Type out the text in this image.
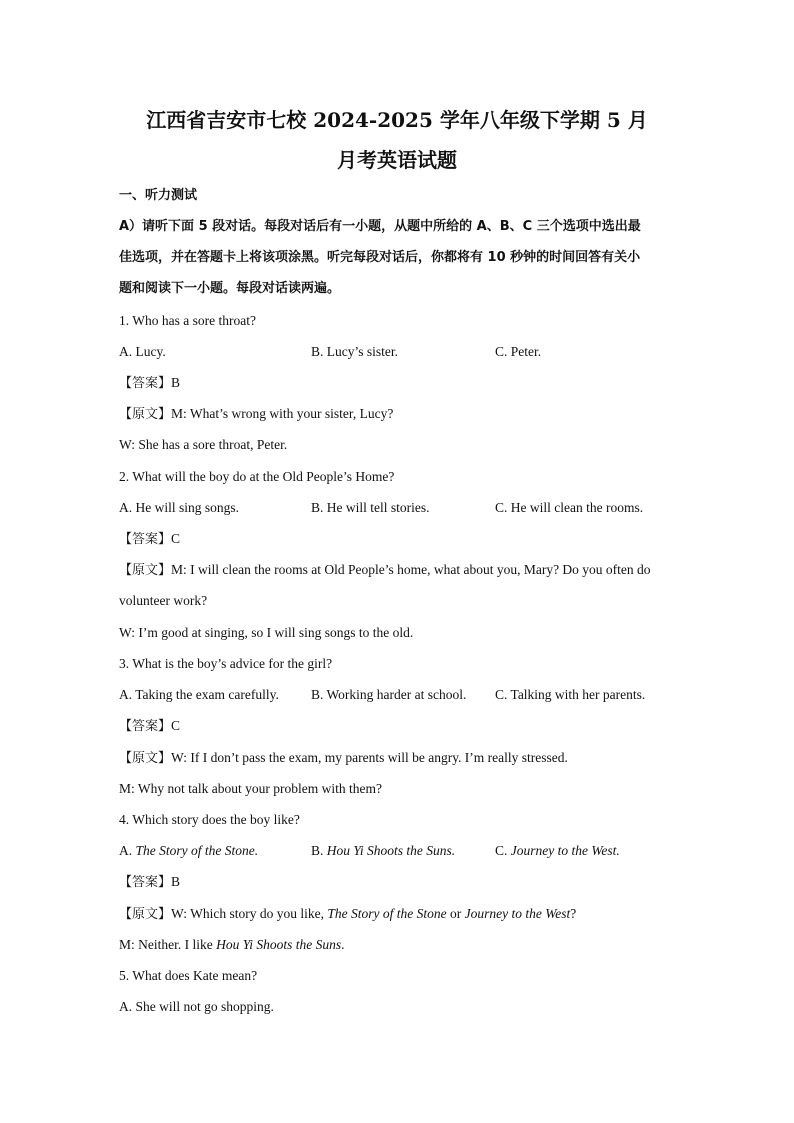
江西省吉安市七校 2024-2025 学年八年级下学期 5 月
月考英语试题
一、听力测试
A）请听下面 5 段对话。每段对话后有一小题，从题中所给的 A、B、C 三个选项中选出最
佳选项，并在答题卡上将该项涂黑。听完每段对话后，你都将有 10 秒钟的时间回答有关小
题和阅读下一小题。每段对话读两遍。
1. Who has a sore throat?
A. Lucy.	B. Lucy’s sister.	C. Peter.
【答案】B
【原文】M: What’s wrong with your sister, Lucy?
W: She has a sore throat, Peter.
2. What will the boy do at the Old People’s Home?
A. He will sing songs.	B. He will tell stories.	C. He will clean the rooms.
【答案】C
【原文】M: I will clean the rooms at Old People’s home, what about you, Mary? Do you often do
volunteer work?
W: I’m good at singing, so I will sing songs to the old.
3. What is the boy’s advice for the girl?
A. Taking the exam carefully. B. Working harder at school. C. Talking with her parents.
【答案】C
【原文】W: If I don’t pass the exam, my parents will be angry. I’m really stressed.
M: Why not talk about your problem with them?
4. Which story does the boy like?
A. The Story of the Stone.	B. Hou Yi Shoots the Suns.	C. Journey to the West.
【答案】B
【原文】W: Which story do you like, The Story of the Stone or Journey to the West?
M: Neither. I like Hou Yi Shoots the Suns.
5. What does Kate mean?
A. She will not go shopping.
